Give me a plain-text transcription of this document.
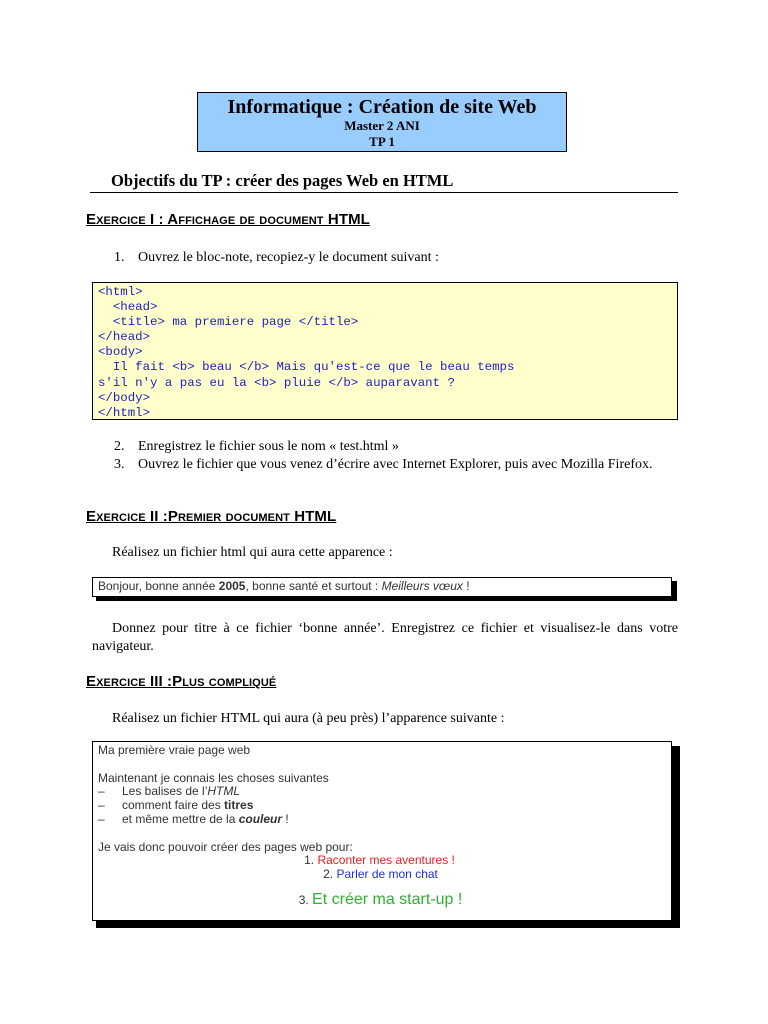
Informatique : Création de site Web
Master 2 ANI
TP 1
Objectifs du TP : créer des pages Web en HTML
Exercice I : Affichage de document HTML
1. Ouvrez le bloc-note, recopiez-y le document suivant :
<html>
<head>
<title> ma premiere page </title>
</head>
<body>
Il fait <b> beau </b> Mais qu'est-ce que le beau temps
s'il n'y a pas eu la <b> pluie </b> auparavant ?
</body>
</html>
2. Enregistrez le fichier sous le nom « test.html »
3. Ouvrez le fichier que vous venez d’écrire avec Internet Explorer, puis avec Mozilla Firefox.
Exercice II :Premier document HTML
Réalisez un fichier html qui aura cette apparence :
Bonjour, bonne année 2005, bonne santé et surtout : Meilleurs vœux !
Donnez pour titre à ce fichier ‘bonne année’. Enregistrez ce fichier et visualisez-le dans votre navigateur.
Exercice III :Plus compliqué
Réalisez un fichier HTML qui aura (à peu près) l’apparence suivante :
Ma première vraie page web
Maintenant je connais les choses suivantes
– Les balises de l’HTML
– comment faire des titres
– et même mettre de la couleur !
Je vais donc pouvoir créer des pages web pour:
1. Raconter mes aventures !
2. Parler de mon chat
3. Et créer ma start-up !
